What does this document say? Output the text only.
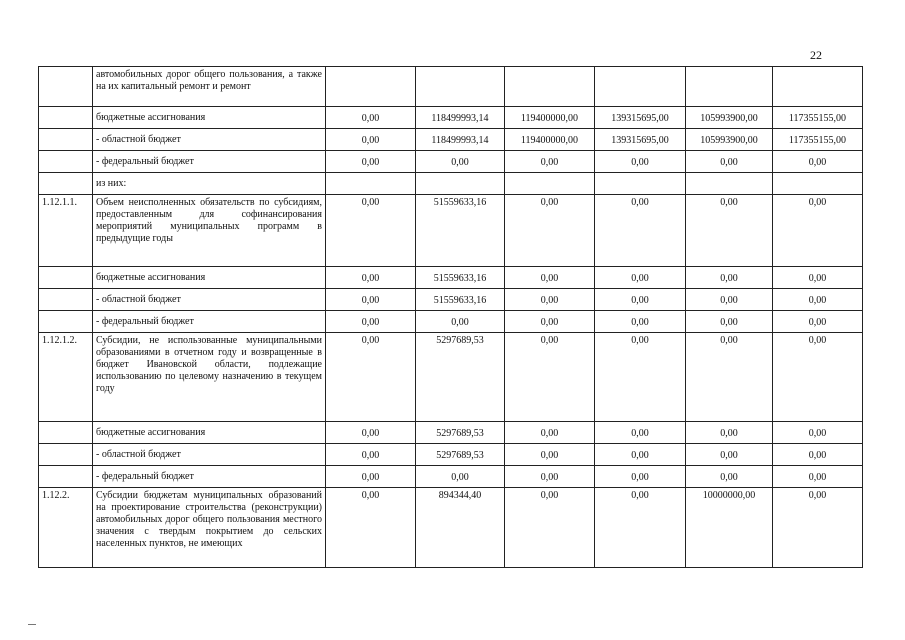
22
	автомобильных дорог общего пользования, а также на их капитальный ремонт и ремонт						
	бюджетные ассигнования	0,00	118499993,14	119400000,00	139315695,00	105993900,00	117355155,00
	- областной бюджет	0,00	118499993,14	119400000,00	139315695,00	105993900,00	117355155,00
	- федеральный бюджет	0,00	0,00	0,00	0,00	0,00	0,00
	из них:						
1.12.1.1.	Объем неисполненных обязательств по субсидиям, предоставленным для софинансирования мероприятий муниципальных программ в предыдущие годы	0,00	51559633,16	0,00	0,00	0,00	0,00
	бюджетные ассигнования	0,00	51559633,16	0,00	0,00	0,00	0,00
	- областной бюджет	0,00	51559633,16	0,00	0,00	0,00	0,00
	- федеральный бюджет	0,00	0,00	0,00	0,00	0,00	0,00
1.12.1.2.	Субсидии, не использованные муниципальными образованиями в отчетном году и возвращенные в бюджет Ивановской области, подлежащие использованию по целевому назначению в текущем году	0,00	5297689,53	0,00	0,00	0,00	0,00
	бюджетные ассигнования	0,00	5297689,53	0,00	0,00	0,00	0,00
	- областной бюджет	0,00	5297689,53	0,00	0,00	0,00	0,00
	- федеральный бюджет	0,00	0,00	0,00	0,00	0,00	0,00
1.12.2.	Субсидии бюджетам муниципальных образований на проектирование строительства (реконструкции) автомобильных дорог общего пользования местного значения с твердым покрытием до сельских населенных пунктов, не имеющих	0,00	894344,40	0,00	0,00	10000000,00	0,00
